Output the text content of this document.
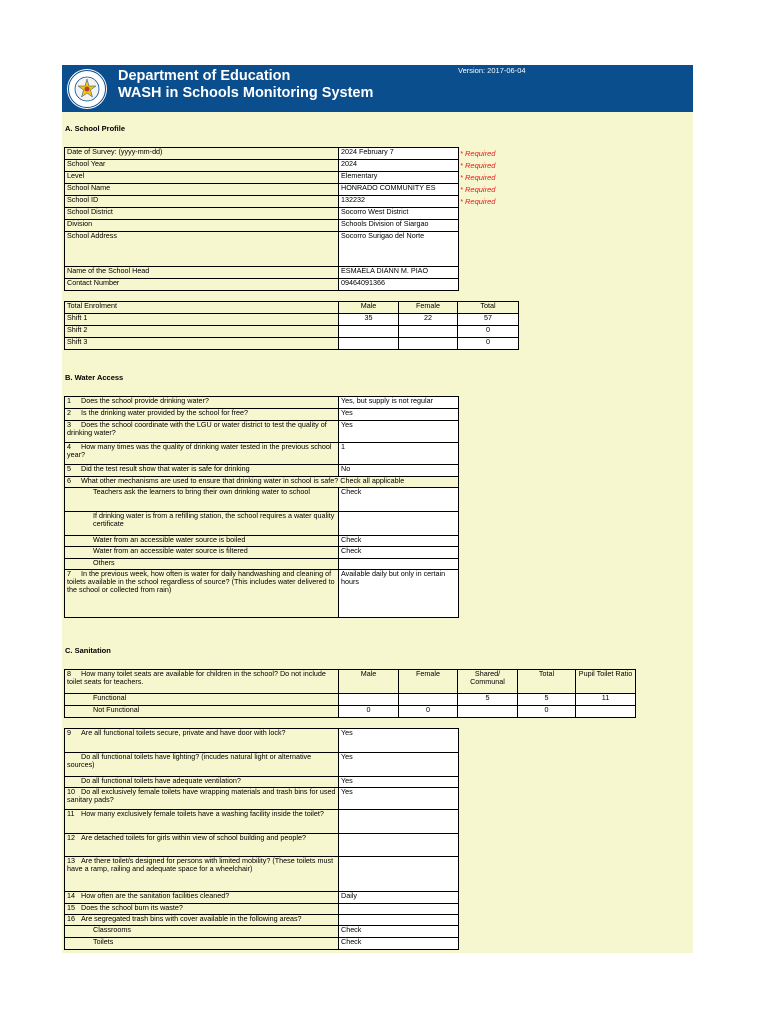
Department of Education
WASH in Schools Monitoring System
Version: 2017-06-04
A. School Profile
Date of Survey: (yyyy-mm-dd)	2024 February 7
School Year	2024
Level	Elementary
School Name	HONRADO COMMUNITY ES
School ID	132232
School District	Socorro West District
Division	Schools Division of Siargao
School Address	Socorro Surigao del Norte
Name of the School Head	ESMAELA DIANN M. PIAO
Contact Number	09464091366
* Required
* Required
* Required
* Required
* Required
Total Enrolment	Male	Female	Total
Shift 1	35	22	57
Shift 2			0
Shift 3			0
B. Water Access
1 Does the school provide drinking water?	Yes, but supply is not regular
2 Is the drinking water provided by the school for free?	Yes
3 Does the school coordinate with the LGU or water district to test the quality of drinking water?	Yes
4 How many times was the quality of drinking water tested in the previous school year?	1
5 Did the test result show that water is safe for drinking	No
6 What other mechanisms are used to ensure that drinking water in school is safe? Check all applicable	
Teachers ask the learners to bring their own drinking water to school	Check
If drinking water is from a refilling station, the school requires a water quality certificate	
Water from an accessible water source is boiled	Check
Water from an accessible water source is filtered	Check
Others	
7 In the previous week, how often is water for daily handwashing and cleaning of toilets available in the school regardless of source? (This includes water delivered to the school or collected from rain)	Available daily but only in certain hours
C. Sanitation
8 How many toilet seats are available for children in the school? Do not include toilet seats for teachers.	Male	Female	Shared/ Communal	Total	Pupil Toilet Ratio
Functional			5	5	11
Not Functional	0	0		0	
9 Are all functional toilets secure, private and have door with lock?	Yes
Do all functional toilets have lighting? (incudes natural light or alternative sources)	Yes
Do all functional toilets have adequate ventilation?	Yes
10 Do all exclusively female toilets have wrapping materials and trash bins for used sanitary pads?	Yes
11 How many exclusively female toilets have a washing facility inside the toilet?	
12 Are detached toilets for girls within view of school building and people?	
13 Are there toilet/s designed for persons with limited mobility? (These toilets must have a ramp, railing and adequate space for a wheelchair)	
14 How often are the sanitation facilities cleaned?	Daily
15 Does the school burn its waste?	
16 Are segregated trash bins with cover available in the following areas?	
Classrooms	Check
Toilets	Check
